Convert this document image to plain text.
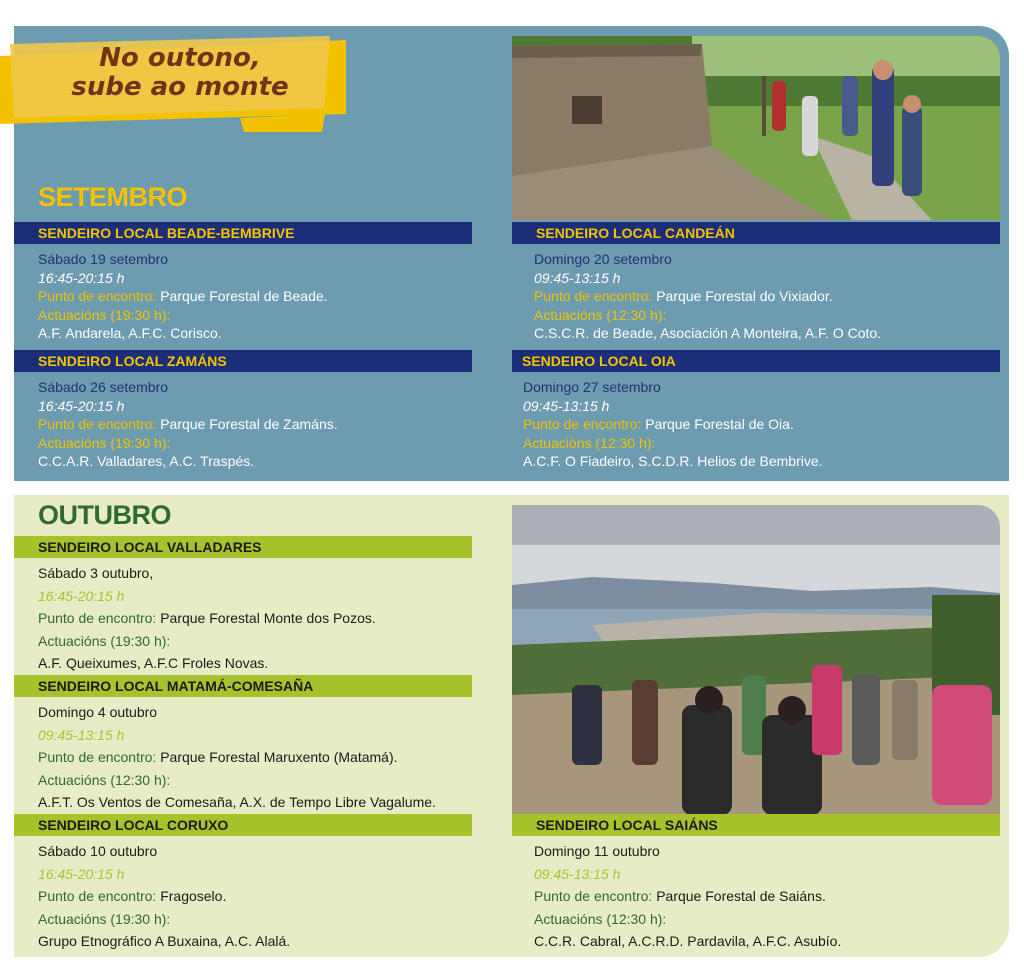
No outono,
sube ao monte
SETEMBRO
SENDEIRO LOCAL BEADE-BEMBRIVE
Sábado 19 setembro
16:45-20:15 h
Punto de encontro: Parque Forestal de Beade.
Actuacións (19:30 h):
A.F. Andarela, A.F.C. Corisco.
SENDEIRO LOCAL CANDEÁN
Domingo 20 setembro
09:45-13:15 h
Punto de encontro: Parque Forestal do Vixiador.
Actuacións (12:30 h):
C.S.C.R. de Beade, Asociación A Monteira, A.F. O Coto.
SENDEIRO LOCAL ZAMÁNS
Sábado 26 setembro
16:45-20:15 h
Punto de encontro: Parque Forestal de Zamáns.
Actuacións (19:30 h):
C.C.A.R. Valladares, A.C. Traspés.
SENDEIRO LOCAL OIA
Domingo 27 setembro
09:45-13:15 h
Punto de encontro: Parque Forestal de Oia.
Actuacións (12:30 h):
A.C.F. O Fiadeiro, S.C.D.R. Helios de Bembrive.
OUTUBRO
SENDEIRO LOCAL VALLADARES
Sábado 3 outubro,
16:45-20:15 h
Punto de encontro: Parque Forestal Monte dos Pozos.
Actuacións (19:30 h):
A.F. Queixumes, A.F.C Froles Novas.
SENDEIRO LOCAL MATAMÁ-COMESAÑA
Domingo 4 outubro
09:45-13:15 h
Punto de encontro: Parque Forestal Maruxento (Matamá).
Actuacións (12:30 h):
A.F.T. Os Ventos de Comesaña, A.X. de Tempo Libre Vagalume.
SENDEIRO LOCAL CORUXO
Sábado 10 outubro
16:45-20:15 h
Punto de encontro: Fragoselo.
Actuacións (19:30 h):
Grupo Etnográfico A Buxaina, A.C. Alalá.
SENDEIRO LOCAL SAIÁNS
Domingo 11 outubro
09:45-13:15 h
Punto de encontro: Parque Forestal de Saiáns.
Actuacións (12:30 h):
C.C.R. Cabral, A.C.R.D. Pardavila, A.F.C. Asubío.
